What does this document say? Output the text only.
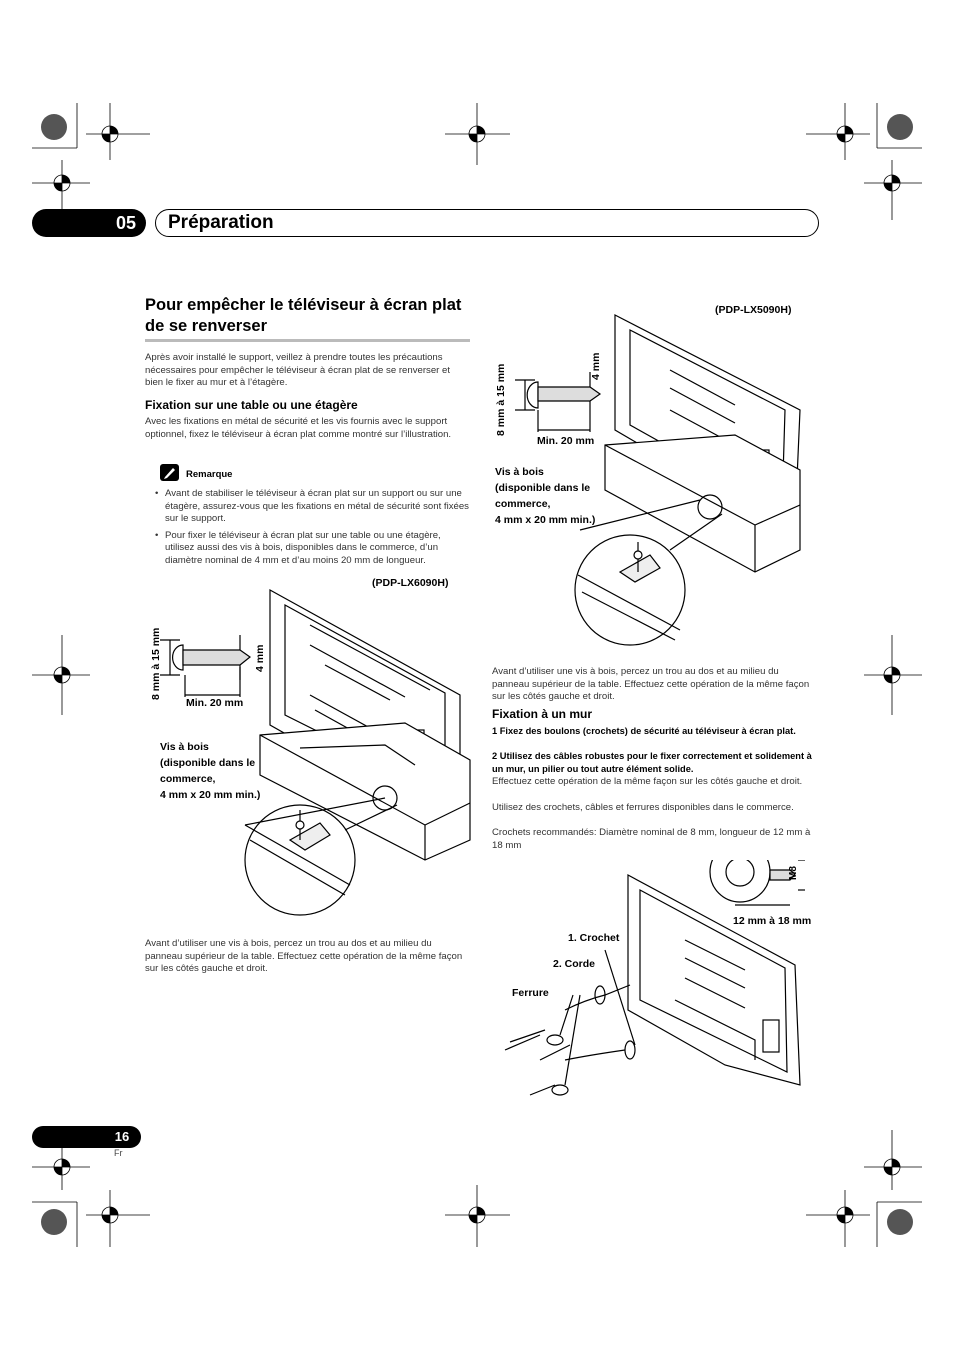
05	Préparation
Pour empêcher le téléviseur à écran plat de se renverser
Après avoir installé le support, veillez à prendre toutes les précautions nécessaires pour empêcher le téléviseur à écran plat de se renverser et bien le fixer au mur et à l’étagère.
Fixation sur une table ou une étagère
Avec les fixations en métal de sécurité et les vis fournis avec le support optionnel, fixez le téléviseur à écran plat comme montré sur l’illustration.
Remarque
• Avant de stabiliser le téléviseur à écran plat sur un support ou sur une étagère, assurez-vous que les fixations en métal de sécurité sont fixées sur le support.
• Pour fixer le téléviseur à écran plat sur une table ou une étagère, utilisez aussi des vis à bois, disponibles dans le commerce, d’un diamètre nominal de 4 mm et d’au moins 20 mm de longueur.
(PDP-LX6090H)
8 mm à 15 mm	4 mm
Min. 20 mm
Vis à bois
(disponible dans le
commerce,
4 mm x 20 mm min.)
Avant d’utiliser une vis à bois, percez un trou au dos et au milieu du panneau supérieur de la table. Effectuez cette opération de la même façon sur les côtés gauche et droit.
(PDP-LX5090H)
8 mm à 15 mm	4 mm
Min. 20 mm
Vis à bois
(disponible dans le
commerce,
4 mm x 20 mm min.)
Avant d’utiliser une vis à bois, percez un trou au dos et au milieu du panneau supérieur de la table. Effectuez cette opération de la même façon sur les côtés gauche et droit.
Fixation à un mur
1 Fixez des boulons (crochets) de sécurité au téléviseur à écran plat.
2 Utilisez des câbles robustes pour le fixer correctement et solidement à un mur, un pilier ou tout autre élément solide.
Effectuez cette opération de la même façon sur les côtés gauche et droit.
Utilisez des crochets, câbles et ferrures disponibles dans le commerce.
Crochets recommandés: Diamètre nominal de 8 mm, longueur de 12 mm à 18 mm
M8
12 mm à 18 mm
1. Crochet
2. Corde
Ferrure
16
Fr
